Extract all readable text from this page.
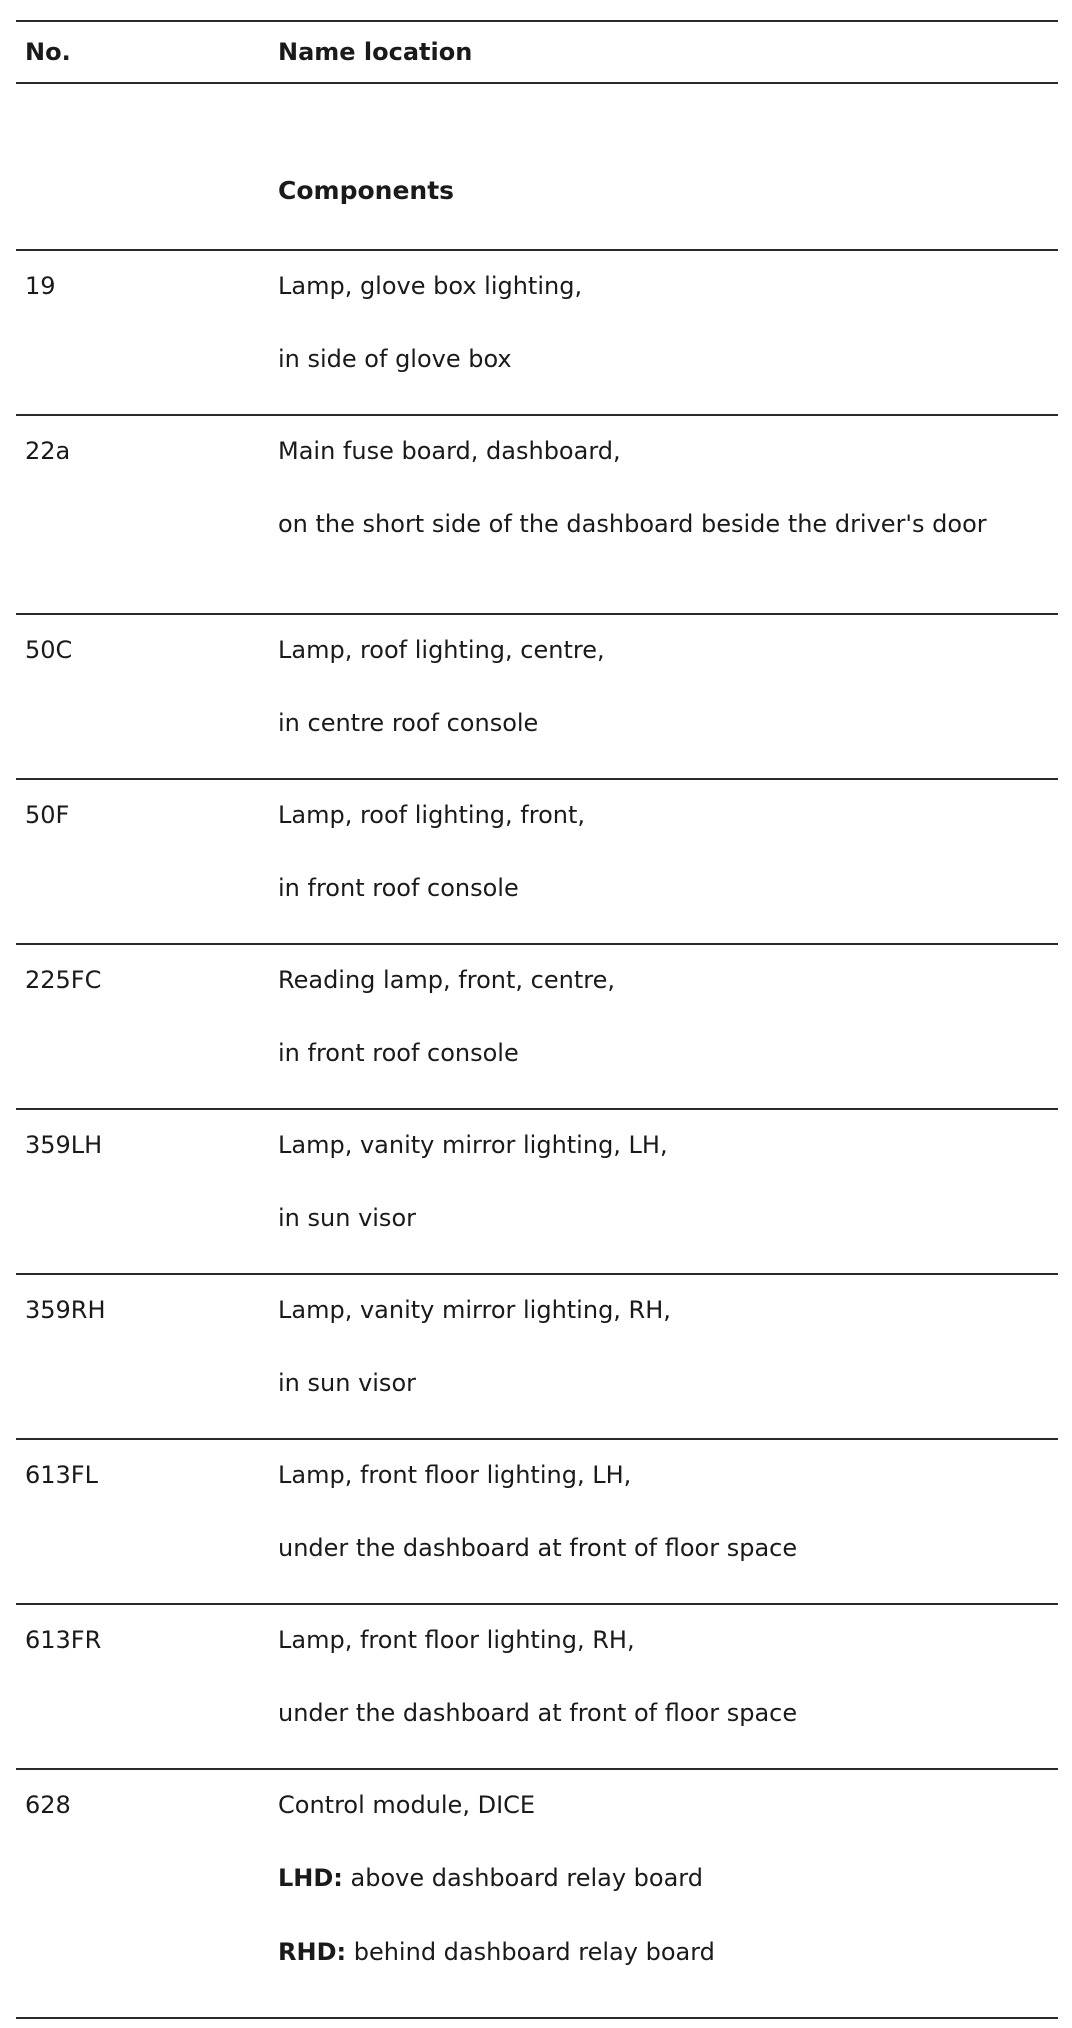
No.	Name location
Components
19	Lamp, glove box lighting,
in side of glove box
22a	Main fuse board, dashboard,
on the short side of the dashboard beside the driver's door
50C	Lamp, roof lighting, centre,
in centre roof console
50F	Lamp, roof lighting, front,
in front roof console
225FC	Reading lamp, front, centre,
in front roof console
359LH	Lamp, vanity mirror lighting, LH,
in sun visor
359RH	Lamp, vanity mirror lighting, RH,
in sun visor
613FL	Lamp, front floor lighting, LH,
under the dashboard at front of floor space
613FR	Lamp, front floor lighting, RH,
under the dashboard at front of floor space
628	Control module, DICE
LHD: above dashboard relay board
RHD: behind dashboard relay board
